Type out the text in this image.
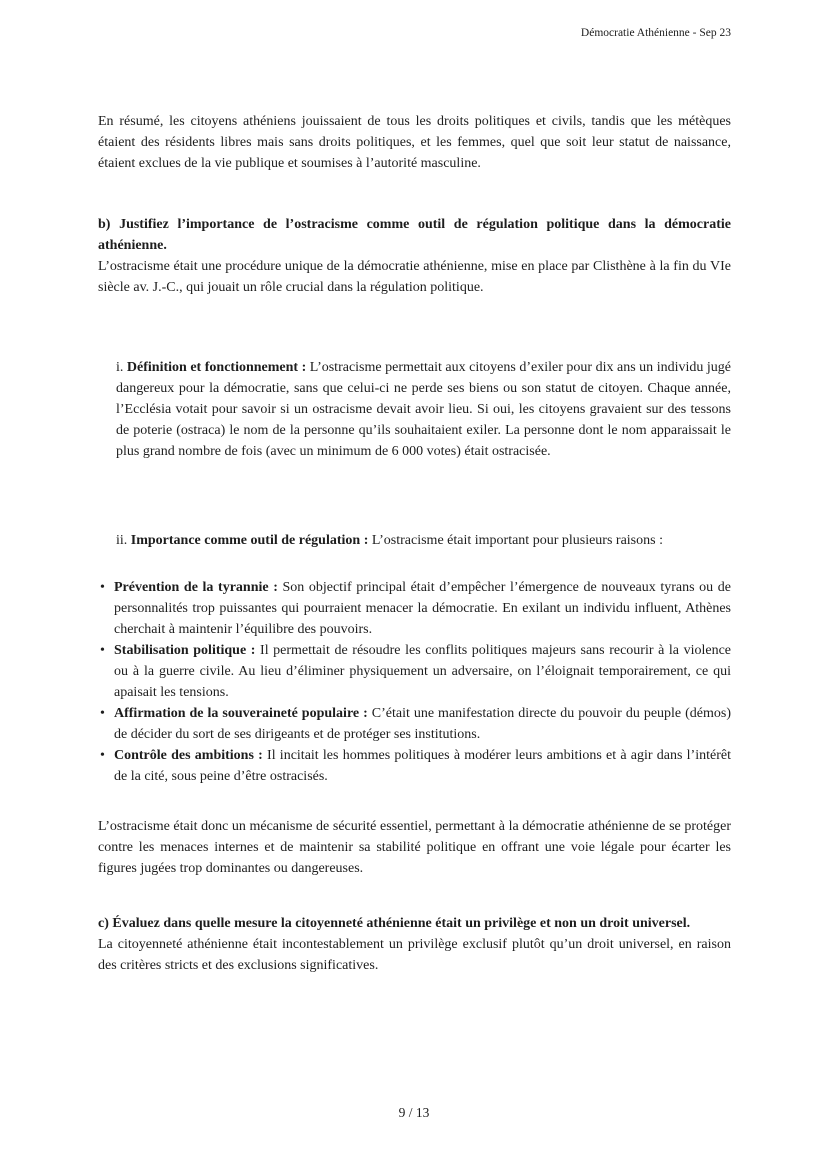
Démocratie Athénienne - Sep 23

En résumé, les citoyens athéniens jouissaient de tous les droits politiques et civils, tandis que les métèques étaient des résidents libres mais sans droits politiques, et les femmes, quel que soit leur statut de naissance, étaient exclues de la vie publique et soumises à l’autorité masculine.

b) Justifiez l’importance de l’ostracisme comme outil de régulation politique dans la démocratie athénienne.

L’ostracisme était une procédure unique de la démocratie athénienne, mise en place par Clisthène à la fin du VIe siècle av. J.-C., qui jouait un rôle crucial dans la régulation politique.

i. Définition et fonctionnement : L’ostracisme permettait aux citoyens d’exiler pour dix ans un individu jugé dangereux pour la démocratie, sans que celui-ci ne perde ses biens ou son statut de citoyen. Chaque année, l’Ecclésia votait pour savoir si un ostracisme devait avoir lieu. Si oui, les citoyens gravaient sur des tessons de poterie (ostraca) le nom de la personne qu’ils souhaitaient exiler. La personne dont le nom apparaissait le plus grand nombre de fois (avec un minimum de 6 000 votes) était ostracisée.

ii. Importance comme outil de régulation : L’ostracisme était important pour plusieurs raisons :

• Prévention de la tyrannie : Son objectif principal était d’empêcher l’émergence de nouveaux tyrans ou de personnalités trop puissantes qui pourraient menacer la démocratie. En exilant un individu influent, Athènes cherchait à maintenir l’équilibre des pouvoirs.
• Stabilisation politique : Il permettait de résoudre les conflits politiques majeurs sans recourir à la violence ou à la guerre civile. Au lieu d’éliminer physiquement un adversaire, on l’éloignait temporairement, ce qui apaisait les tensions.
• Affirmation de la souveraineté populaire : C’était une manifestation directe du pouvoir du peuple (démos) de décider du sort de ses dirigeants et de protéger ses institutions.
• Contrôle des ambitions : Il incitait les hommes politiques à modérer leurs ambitions et à agir dans l’intérêt de la cité, sous peine d’être ostracisés.

L’ostracisme était donc un mécanisme de sécurité essentiel, permettant à la démocratie athénienne de se protéger contre les menaces internes et de maintenir sa stabilité politique en offrant une voie légale pour écarter les figures jugées trop dominantes ou dangereuses.

c) Évaluez dans quelle mesure la citoyenneté athénienne était un privilège et non un droit universel.

La citoyenneté athénienne était incontestablement un privilège exclusif plutôt qu’un droit universel, en raison des critères stricts et des exclusions significatives.

9 / 13
